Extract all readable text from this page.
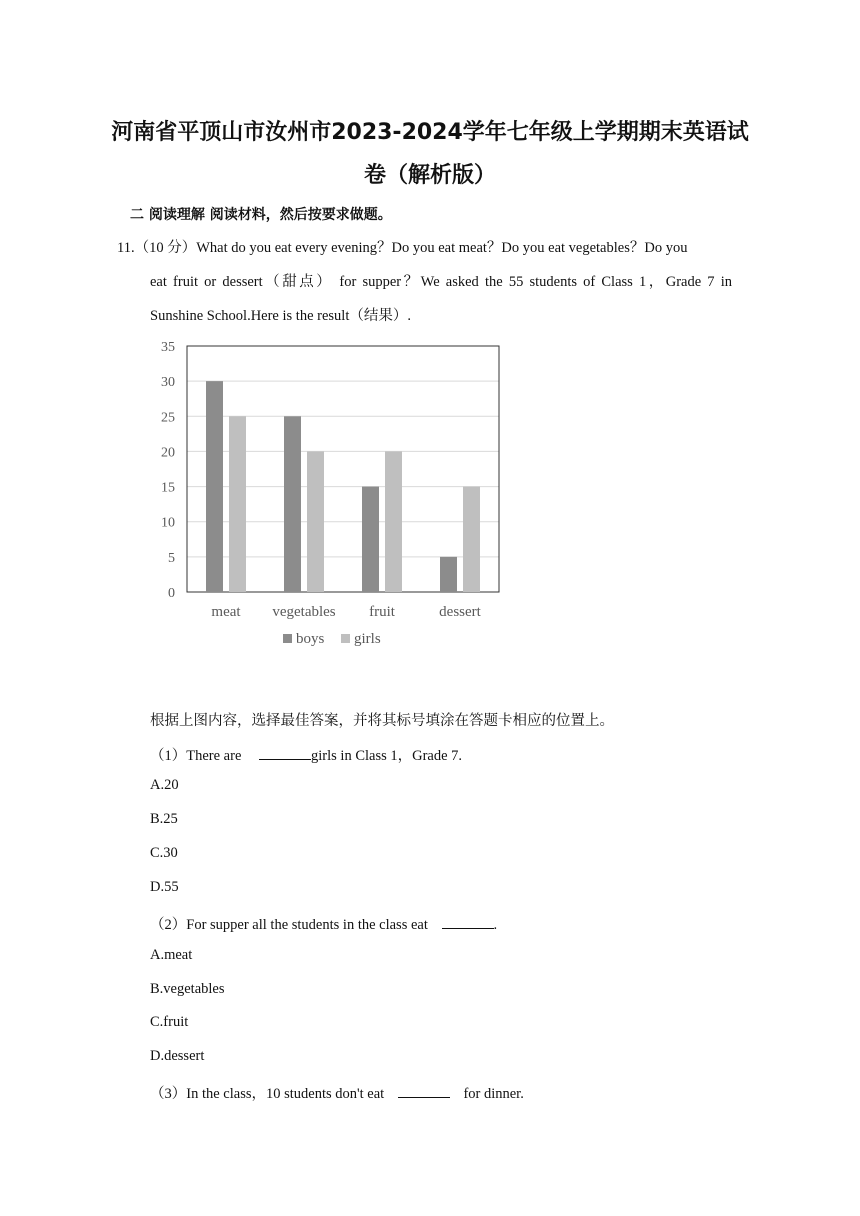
河南省平顶山市汝州市2023-2024学年七年级上学期期末英语试
卷（解析版）
二 阅读理解 阅读材料，然后按要求做题。
11.（10 分）What do you eat every evening？Do you eat meat？Do you eat vegetables？Do you
eat fruit or dessert（甜点） for supper？We asked the 55 students of Class 1，Grade 7 in
Sunshine School.Here is the result（结果）.
0
5
10
15
20
25
30
35
meat vegetables fruit	dessert
boys girls
根据上图内容，选择最佳答案，并将其标号填涂在答题卡相应的位置上。
（1）There are	girls in Class 1，Grade 7.
A.20
B.25
C.30
D.55
（2）For supper all the students in the class eat	.
A.meat
B.vegetables
C.fruit
D.dessert
（3）In the class，10 students don't eat	for dinner.
